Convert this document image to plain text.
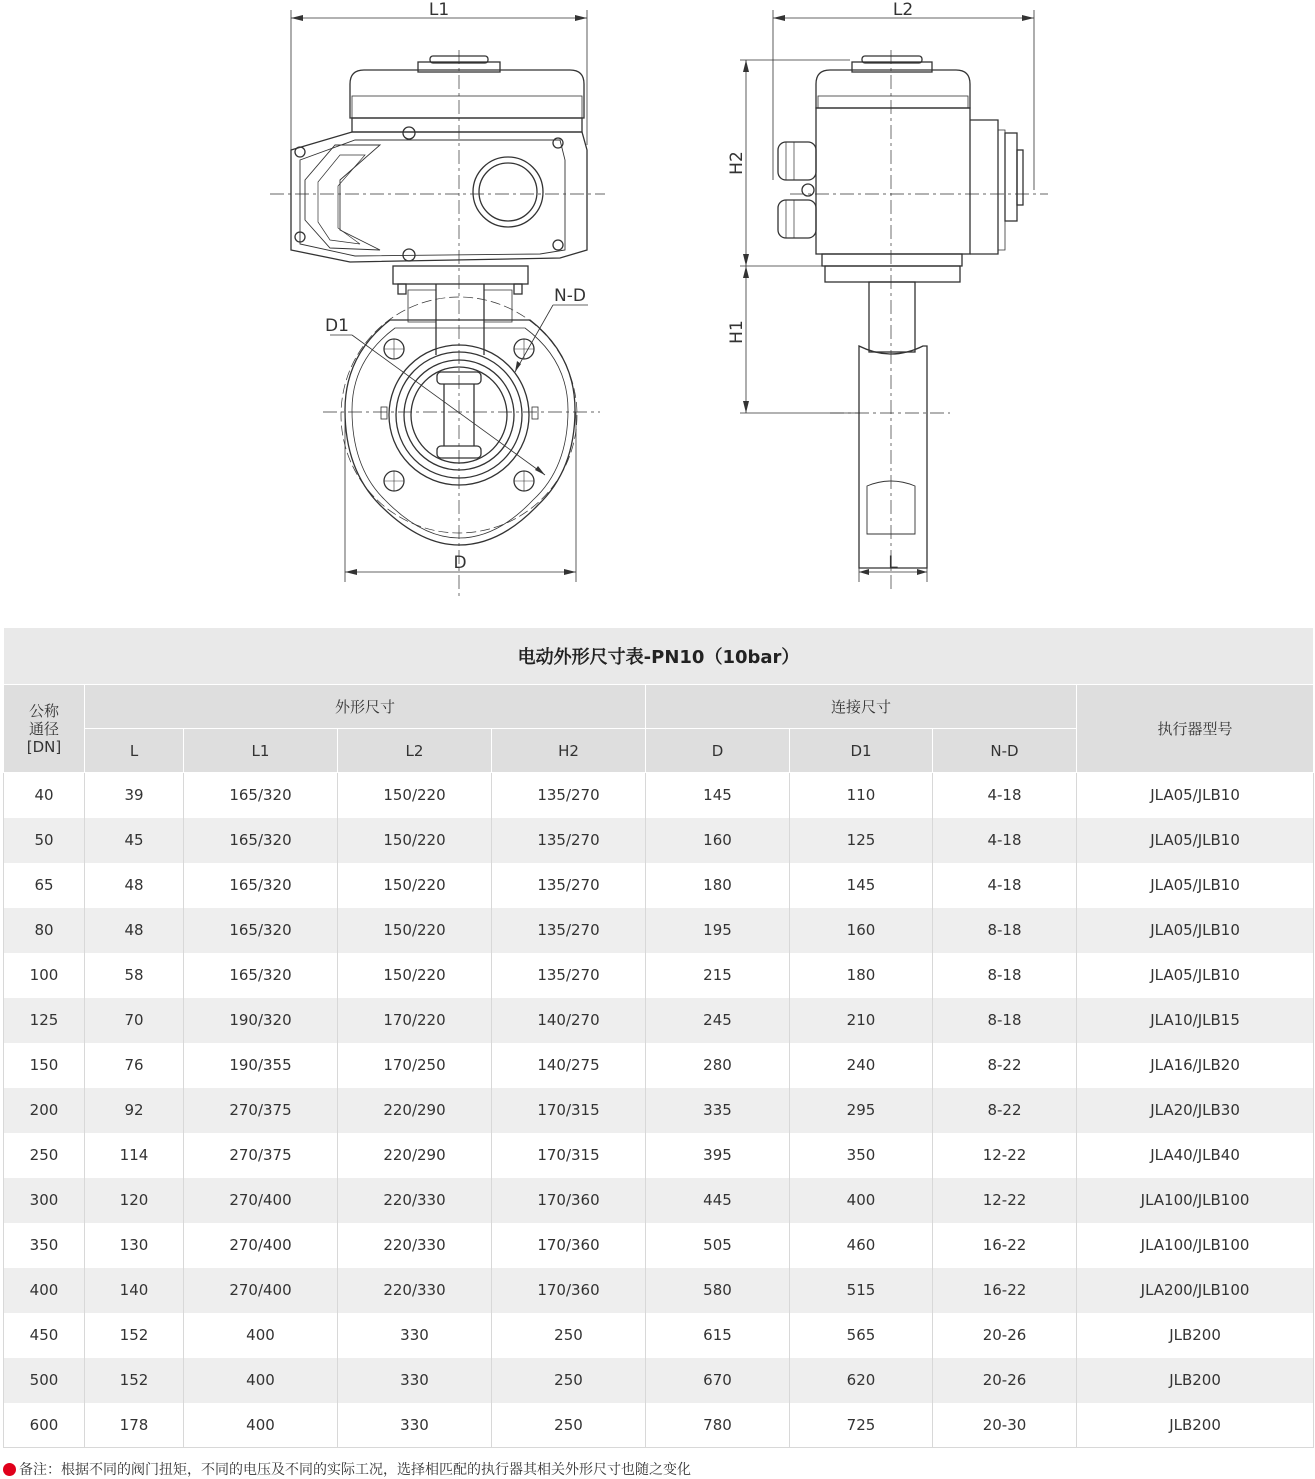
L1
D1
N-D
D
L2
H2
H1
L
电动外形尺寸表-PN10（10bar）								

公称
通径
[DN]	外形尺寸				连接尺寸			执行器型号
	L	L1	L2	H2	D	D1	N-D	
40	39	165/320	150/220	135/270	145	110	4-18	JLA05/JLB10
50	45	165/320	150/220	135/270	160	125	4-18	JLA05/JLB10
65	48	165/320	150/220	135/270	180	145	4-18	JLA05/JLB10
80	48	165/320	150/220	135/270	195	160	8-18	JLA05/JLB10
100	58	165/320	150/220	135/270	215	180	8-18	JLA05/JLB10
125	70	190/320	170/220	140/270	245	210	8-18	JLA10/JLB15
150	76	190/355	170/250	140/275	280	240	8-22	JLA16/JLB20
200	92	270/375	220/290	170/315	335	295	8-22	JLA20/JLB30
250	114	270/375	220/290	170/315	395	350	12-22	JLA40/JLB40
300	120	270/400	220/330	170/360	445	400	12-22	JLA100/JLB100
350	130	270/400	220/330	170/360	505	460	16-22	JLA100/JLB100
400	140	270/400	220/330	170/360	580	515	16-22	JLA200/JLB100
450	152	400	330	250	615	565	20-26	JLB200
500	152	400	330	250	670	620	20-26	JLB200
600	178	400	330	250	780	725	20-30	JLB200
备注：根据不同的阀门扭矩，不同的电压及不同的实际工况，选择相匹配的执行器其相关外形尺寸也随之变化
